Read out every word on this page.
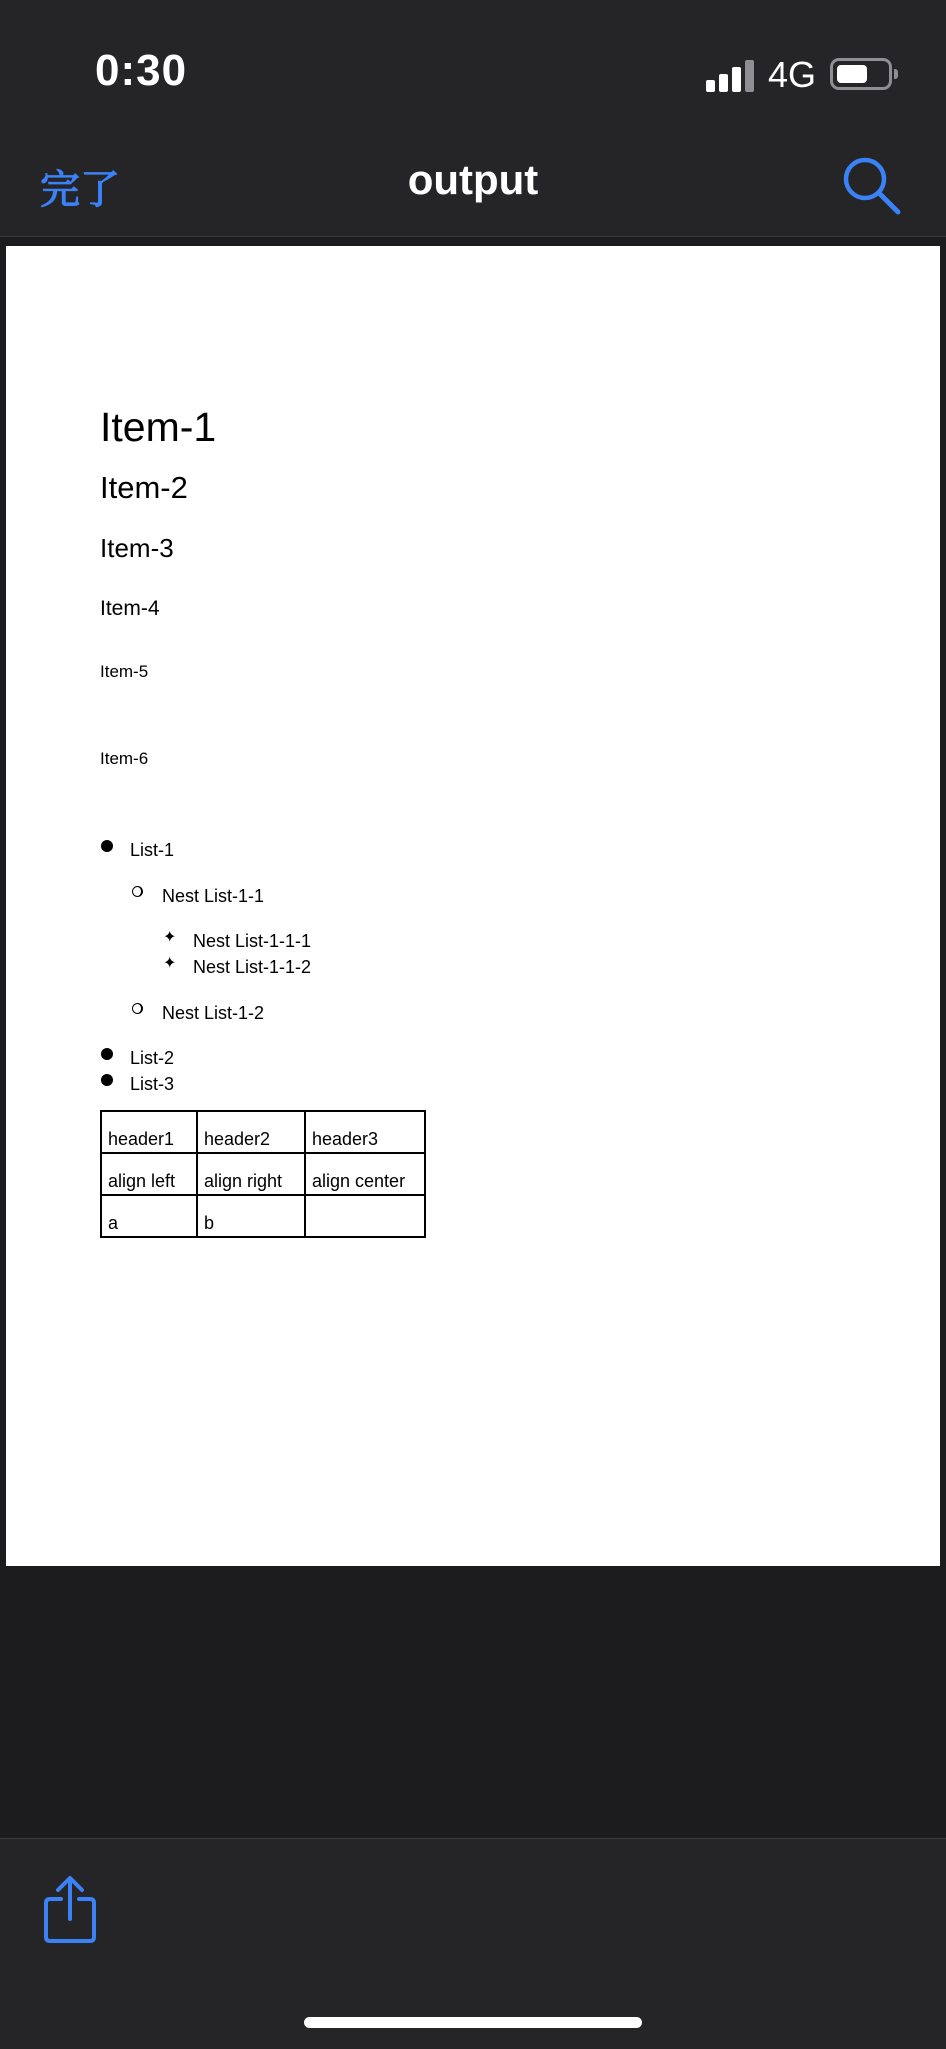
0:30	4G
完了	output
Item-1
Item-2
Item-3
Item-4
Item-5
Item-6
List-1
Nest List-1-1
✦ Nest List-1-1-1
✦ Nest List-1-1-2
Nest List-1-2
List-2
List-3
header1	header2	header3
align left	align right	align center
a	b	
